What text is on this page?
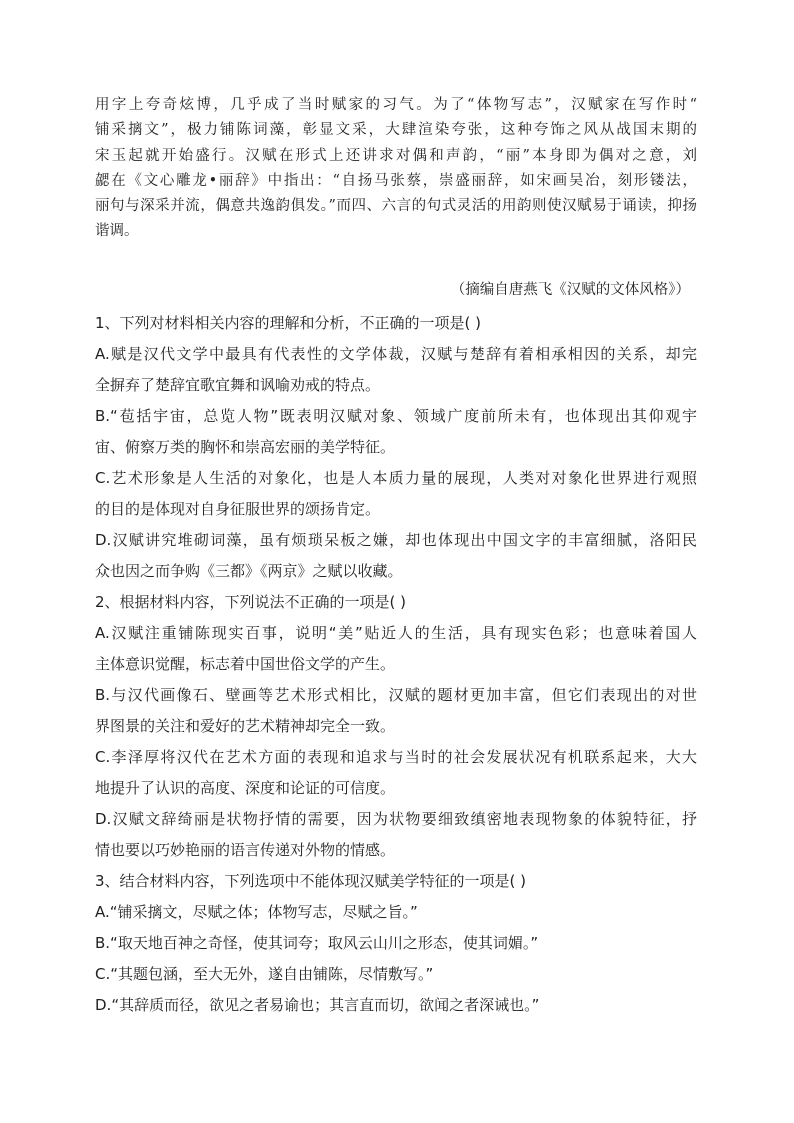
用字上夸奇炫博，几乎成了当时赋家的习气。为了“体物写志”，汉赋家在写作时“
铺采摛文”，极力铺陈词藻，彰显文采，大肆渲染夸张，这种夸饰之风从战国末期的
宋玉起就开始盛行。汉赋在形式上还讲求对偶和声韵，“丽”本身即为偶对之意，刘
勰在《文心雕龙•丽辞》中指出：“自扬马张蔡，崇盛丽辞，如宋画吴冶，刻形镂法，
丽句与深采并流，偶意共逸韵俱发。”而四、六言的句式灵活的用韵则使汉赋易于诵读，抑扬
谐调。
（摘编自唐燕飞《汉赋的文体风格》）
1、下列对材料相关内容的理解和分析，不正确的一项是( )
A.赋是汉代文学中最具有代表性的文学体裁，汉赋与楚辞有着相承相因的关系，却完
全摒弃了楚辞宜歌宜舞和讽喻劝戒的特点。
B.“苞括宇宙，总览人物”既表明汉赋对象、领域广度前所未有，也体现出其仰观宇
宙、俯察万类的胸怀和崇高宏丽的美学特征。
C.艺术形象是人生活的对象化，也是人本质力量的展现，人类对对象化世界进行观照
的目的是体现对自身征服世界的颂扬肯定。
D.汉赋讲究堆砌词藻，虽有烦琐呆板之嫌，却也体现出中国文字的丰富细腻，洛阳民
众也因之而争购《三都》《两京》之赋以收藏。
2、根据材料内容，下列说法不正确的一项是( )
A.汉赋注重铺陈现实百事，说明“美”贴近人的生活，具有现实色彩；也意味着国人
主体意识觉醒，标志着中国世俗文学的产生。
B.与汉代画像石、壁画等艺术形式相比，汉赋的题材更加丰富，但它们表现出的对世
界图景的关注和爱好的艺术精神却完全一致。
C.李泽厚将汉代在艺术方面的表现和追求与当时的社会发展状况有机联系起来，大大
地提升了认识的高度、深度和论证的可信度。
D.汉赋文辞绮丽是状物抒情的需要，因为状物要细致缜密地表现物象的体貌特征，抒
情也要以巧妙艳丽的语言传递对外物的情感。
3、结合材料内容，下列选项中不能体现汉赋美学特征的一项是( )
A.“铺采摛文，尽赋之体；体物写志，尽赋之旨。”
B.“取天地百神之奇怪，使其词夸；取风云山川之形态，使其词媚。”
C.“其题包涵，至大无外，遂自由铺陈，尽情敷写。”
D.“其辞质而径，欲见之者易谕也；其言直而切，欲闻之者深诫也。”
